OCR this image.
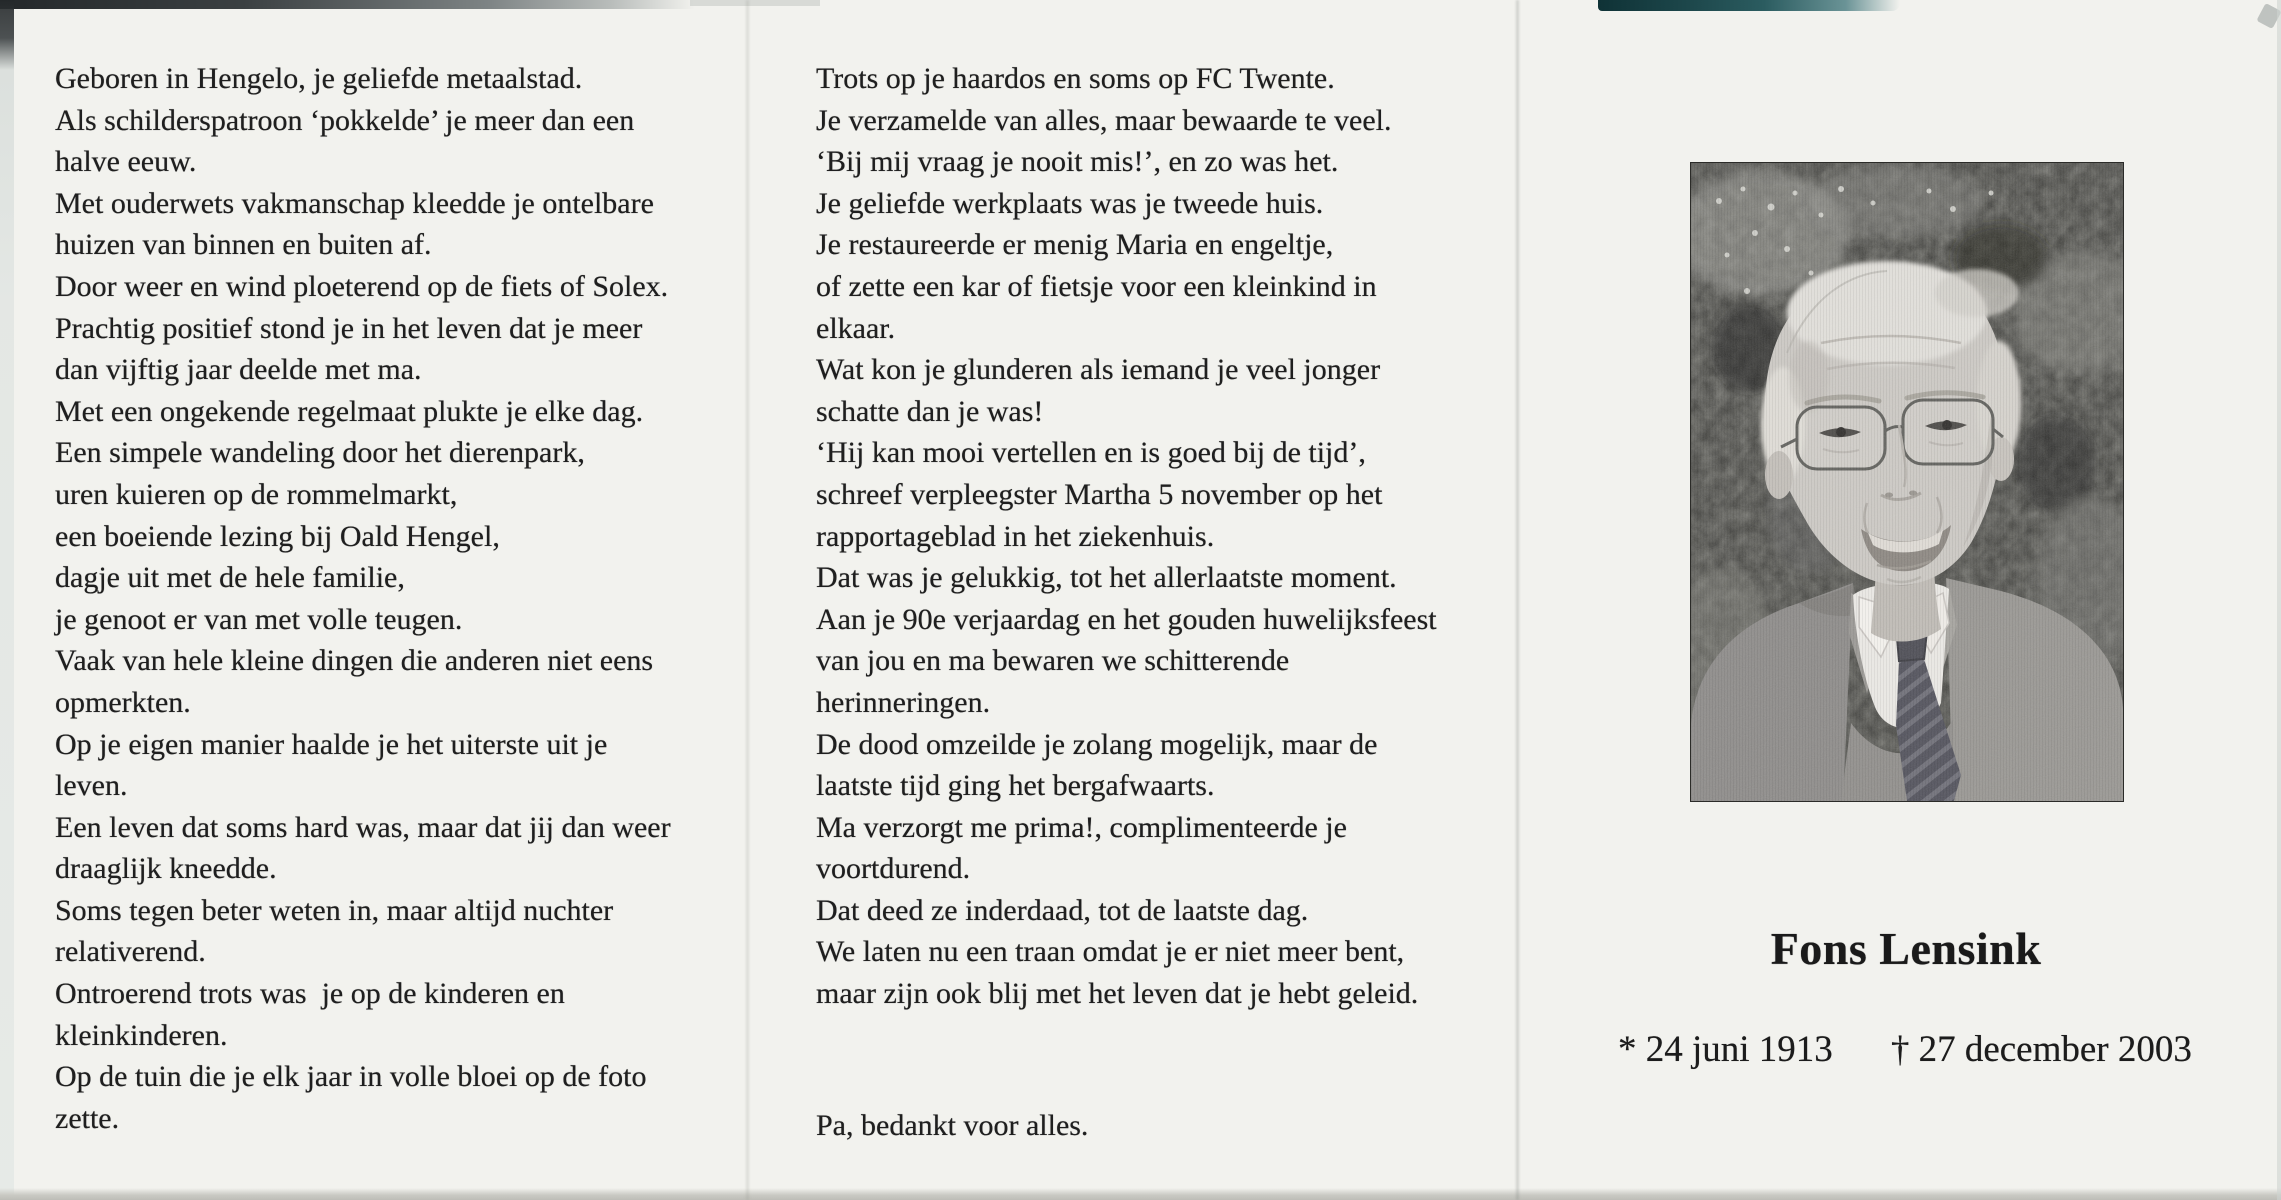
Geboren in Hengelo, je geliefde metaalstad.
Als schilderspatroon ‘pokkelde’ je meer dan een
halve eeuw.
Met ouderwets vakmanschap kleedde je ontelbare
huizen van binnen en buiten af.
Door weer en wind ploeterend op de fiets of Solex.
Prachtig positief stond je in het leven dat je meer
dan vijftig jaar deelde met ma.
Met een ongekende regelmaat plukte je elke dag.
Een simpele wandeling door het dierenpark,
uren kuieren op de rommelmarkt,
een boeiende lezing bij Oald Hengel,
dagje uit met de hele familie,
je genoot er van met volle teugen.
Vaak van hele kleine dingen die anderen niet eens
opmerkten.
Op je eigen manier haalde je het uiterste uit je
leven.
Een leven dat soms hard was, maar dat jij dan weer
draaglijk kneedde.
Soms tegen beter weten in, maar altijd nuchter
relativerend.
Ontroerend trots was  je op de kinderen en
kleinkinderen.
Op de tuin die je elk jaar in volle bloei op de foto
zette.
Trots op je haardos en soms op FC Twente.
Je verzamelde van alles, maar bewaarde te veel.
‘Bij mij vraag je nooit mis!’, en zo was het.
Je geliefde werkplaats was je tweede huis.
Je restaureerde er menig Maria en engeltje,
of zette een kar of fietsje voor een kleinkind in
elkaar.
Wat kon je glunderen als iemand je veel jonger
schatte dan je was!
‘Hij kan mooi vertellen en is goed bij de tijd’,
schreef verpleegster Martha 5 november op het
rapportageblad in het ziekenhuis.
Dat was je gelukkig, tot het allerlaatste moment.
Aan je 90e verjaardag en het gouden huwelijksfeest
van jou en ma bewaren we schitterende
herinneringen.
De dood omzeilde je zolang mogelijk, maar de
laatste tijd ging het bergafwaarts.
Ma verzorgt me prima!, complimenteerde je
voortdurend.
Dat deed ze inderdaad, tot de laatste dag.
We laten nu een traan omdat je er niet meer bent,
maar zijn ook blij met het leven dat je hebt geleid.
Pa, bedankt voor alles.
Fons Lensink
* 24 juni 1913 † 27 december 2003
